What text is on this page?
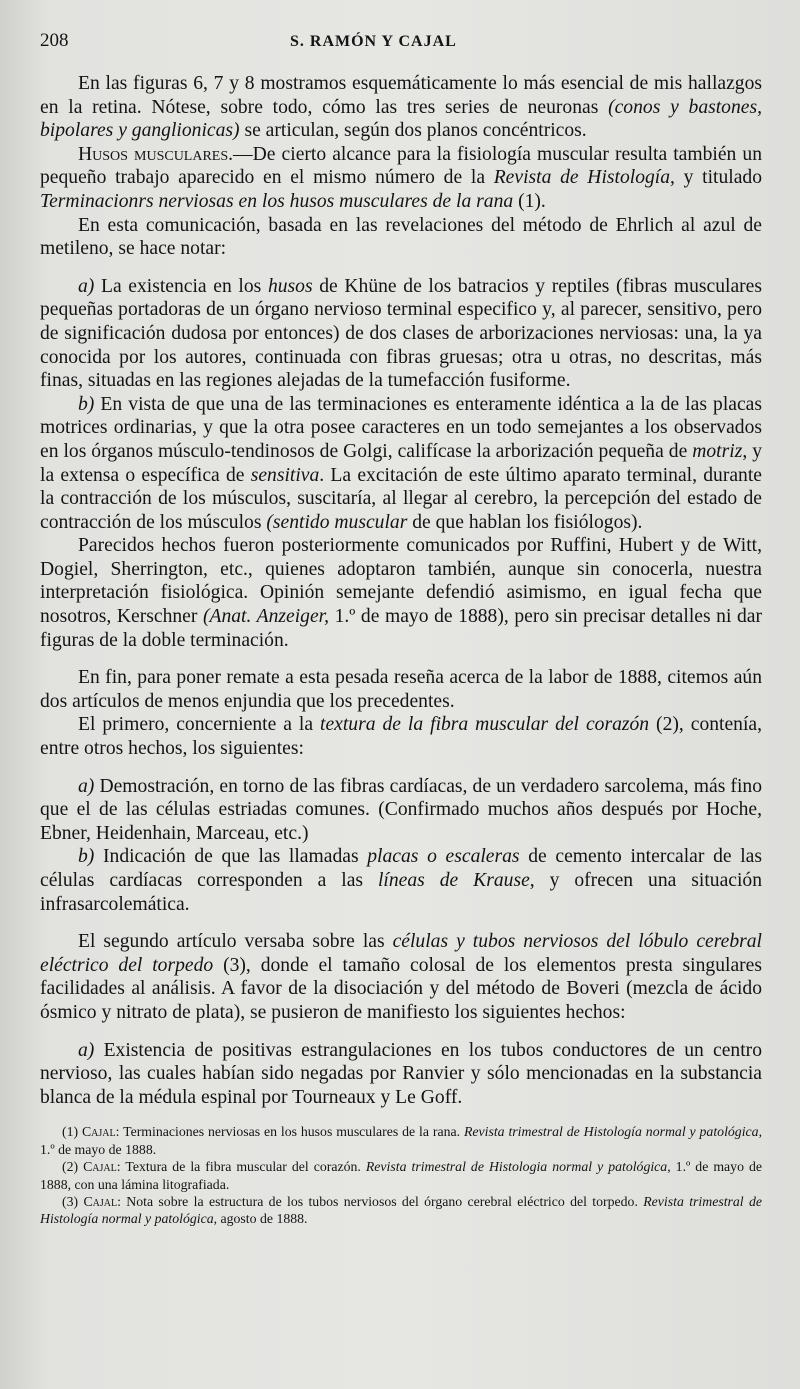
208	S. RAMÓN Y CAJAL

En las figuras 6, 7 y 8 mostramos esquemáticamente lo más esencial de mis hallazgos en la retina. Nótese, sobre todo, cómo las tres series de neuronas (conos y bastones, bipolares y ganglionicas) se articulan, según dos planos concéntricos.

Husos musculares.—De cierto alcance para la fisiología muscular resulta también un pequeño trabajo aparecido en el mismo número de la Revista de Histología, y titulado Terminacionrs nerviosas en los husos musculares de la rana (1).

En esta comunicación, basada en las revelaciones del método de Ehrlich al azul de metileno, se hace notar:

a) La existencia en los husos de Khüne de los batracios y reptiles (fibras musculares pequeñas portadoras de un órgano nervioso terminal especifico y, al parecer, sensitivo, pero de significación dudosa por entonces) de dos clases de arborizaciones nerviosas: una, la ya conocida por los autores, continuada con fibras gruesas; otra u otras, no descritas, más finas, situadas en las regiones alejadas de la tumefacción fusiforme.

b) En vista de que una de las terminaciones es enteramente idéntica a la de las placas motrices ordinarias, y que la otra posee caracteres en un todo semejantes a los observados en los órganos músculo-tendinosos de Golgi, califícase la arborización pequeña de motriz, y la extensa o específica de sensitiva. La excitación de este último aparato terminal, durante la contracción de los músculos, suscitaría, al llegar al cerebro, la percepción del estado de contracción de los músculos (sentido muscular de que hablan los fisiólogos).

Parecidos hechos fueron posteriormente comunicados por Ruffini, Hubert y de Witt, Dogiel, Sherrington, etc., quienes adoptaron también, aunque sin conocerla, nuestra interpretación fisiológica. Opinión semejante defendió asimismo, en igual fecha que nosotros, Kerschner (Anat. Anzeiger, 1.º de mayo de 1888), pero sin precisar detalles ni dar figuras de la doble terminación.

En fin, para poner remate a esta pesada reseña acerca de la labor de 1888, citemos aún dos artículos de menos enjundia que los precedentes.

El primero, concerniente a la textura de la fibra muscular del corazón (2), contenía, entre otros hechos, los siguientes:

a) Demostración, en torno de las fibras cardíacas, de un verdadero sarcolema, más fino que el de las células estriadas comunes. (Confirmado muchos años después por Hoche, Ebner, Heidenhain, Marceau, etc.)

b) Indicación de que las llamadas placas o escaleras de cemento intercalar de las células cardíacas corresponden a las líneas de Krause, y ofrecen una situación infrasarcolemática.

El segundo artículo versaba sobre las células y tubos nerviosos del lóbulo cerebral eléctrico del torpedo (3), donde el tamaño colosal de los elementos presta singulares facilidades al análisis. A favor de la disociación y del método de Boveri (mezcla de ácido ósmico y nitrato de plata), se pusieron de manifiesto los siguientes hechos:

a) Existencia de positivas estrangulaciones en los tubos conductores de un centro nervioso, las cuales habían sido negadas por Ranvier y sólo mencionadas en la substancia blanca de la médula espinal por Tourneaux y Le Goff.

(1) Cajal: Terminaciones nerviosas en los husos musculares de la rana. Revista trimestral de Histología normal y patológica, 1.º de mayo de 1888.

(2) Cajal: Textura de la fibra muscular del corazón. Revista trimestral de Histologia normal y patológica, 1.º de mayo de 1888, con una lámina litografiada.

(3) Cajal: Nota sobre la estructura de los tubos nerviosos del órgano cerebral eléctrico del torpedo. Revista trimestral de Histología normal y patológica, agosto de 1888.
